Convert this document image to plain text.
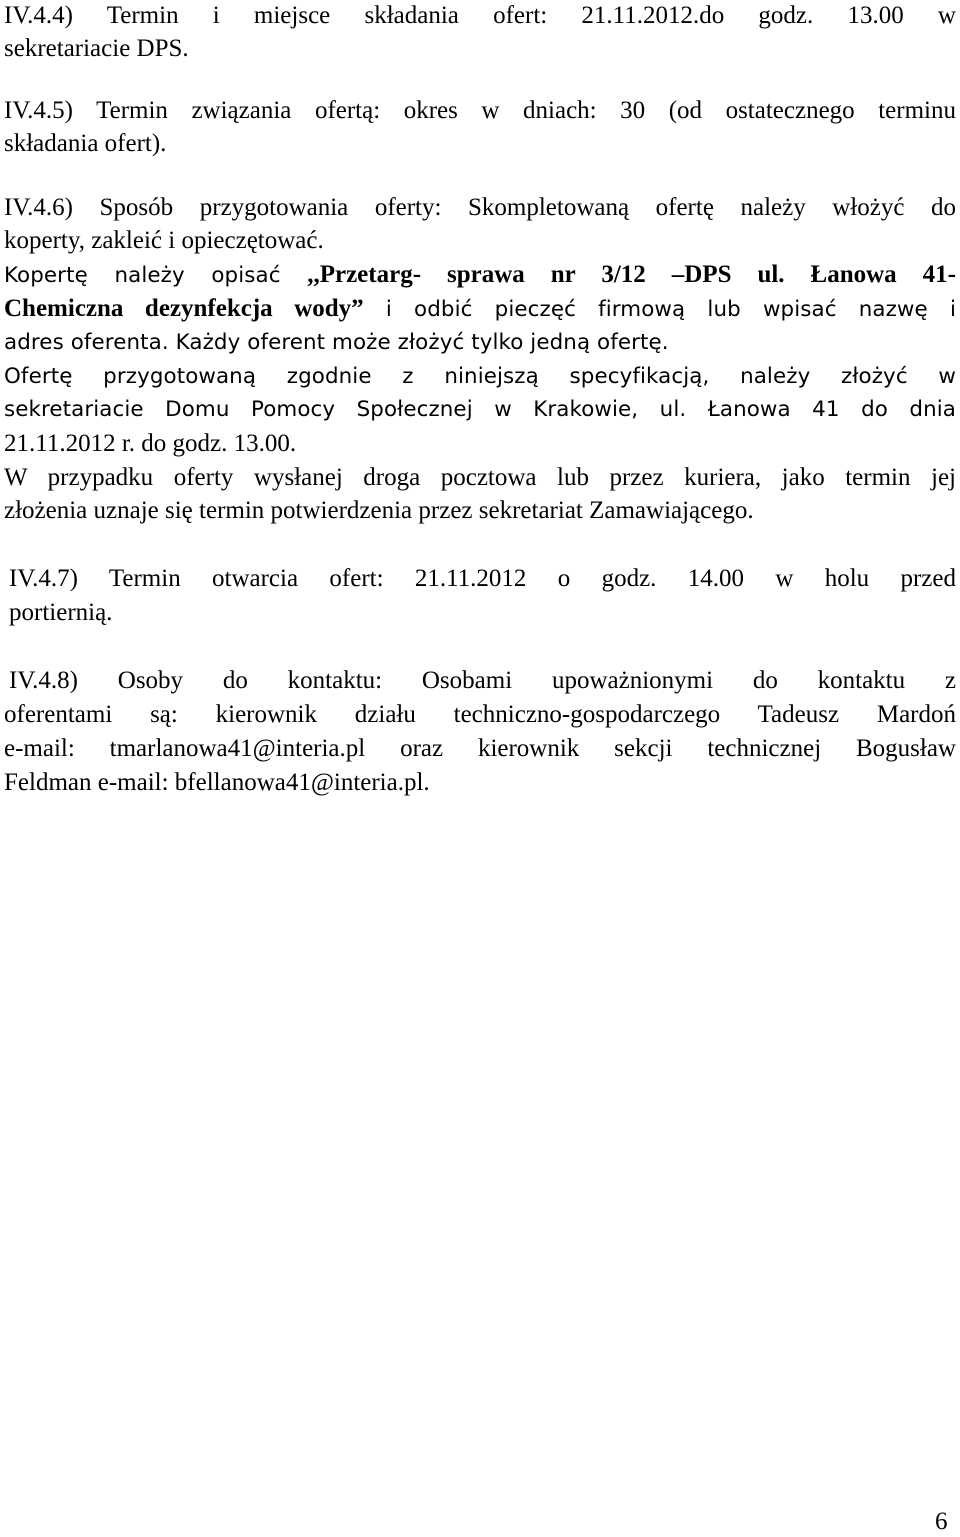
IV.4.4) Termin i miejsce składania ofert: 21.11.2012.do godz. 13.00 w

sekretariacie DPS.

IV.4.5) Termin związania ofertą: okres w dniach: 30 (od ostatecznego terminu

składania ofert).

IV.4.6) Sposób przygotowania oferty: Skompletowaną ofertę należy włożyć do

koperty, zakleić i opieczętować.

Kopertę należy opisać ,,Przetarg- sprawa nr 3/12 –DPS ul. Łanowa 41-

Chemiczna dezynfekcja wody” i odbić pieczęć firmową lub wpisać nazwę i

adres oferenta. Każdy oferent może złożyć tylko jedną ofertę.

Ofertę przygotowaną zgodnie z niniejszą specyfikacją, należy złożyć w

sekretariacie Domu Pomocy Społecznej w Krakowie, ul. Łanowa 41 do dnia

21.11.2012 r. do godz. 13.00.

W przypadku oferty wysłanej droga pocztowa lub przez kuriera, jako termin jej

złożenia uznaje się termin potwierdzenia przez sekretariat Zamawiającego.

IV.4.7) Termin otwarcia ofert: 21.11.2012 o godz. 14.00 w holu przed

portiernią.

IV.4.8) Osoby do kontaktu: Osobami upoważnionymi do kontaktu z

oferentami są: kierownik działu techniczno-gospodarczego Tadeusz Mardoń

e-mail: tmarlanowa41@interia.pl oraz kierownik sekcji technicznej Bogusław

Feldman e-mail: bfellanowa41@interia.pl.

6
